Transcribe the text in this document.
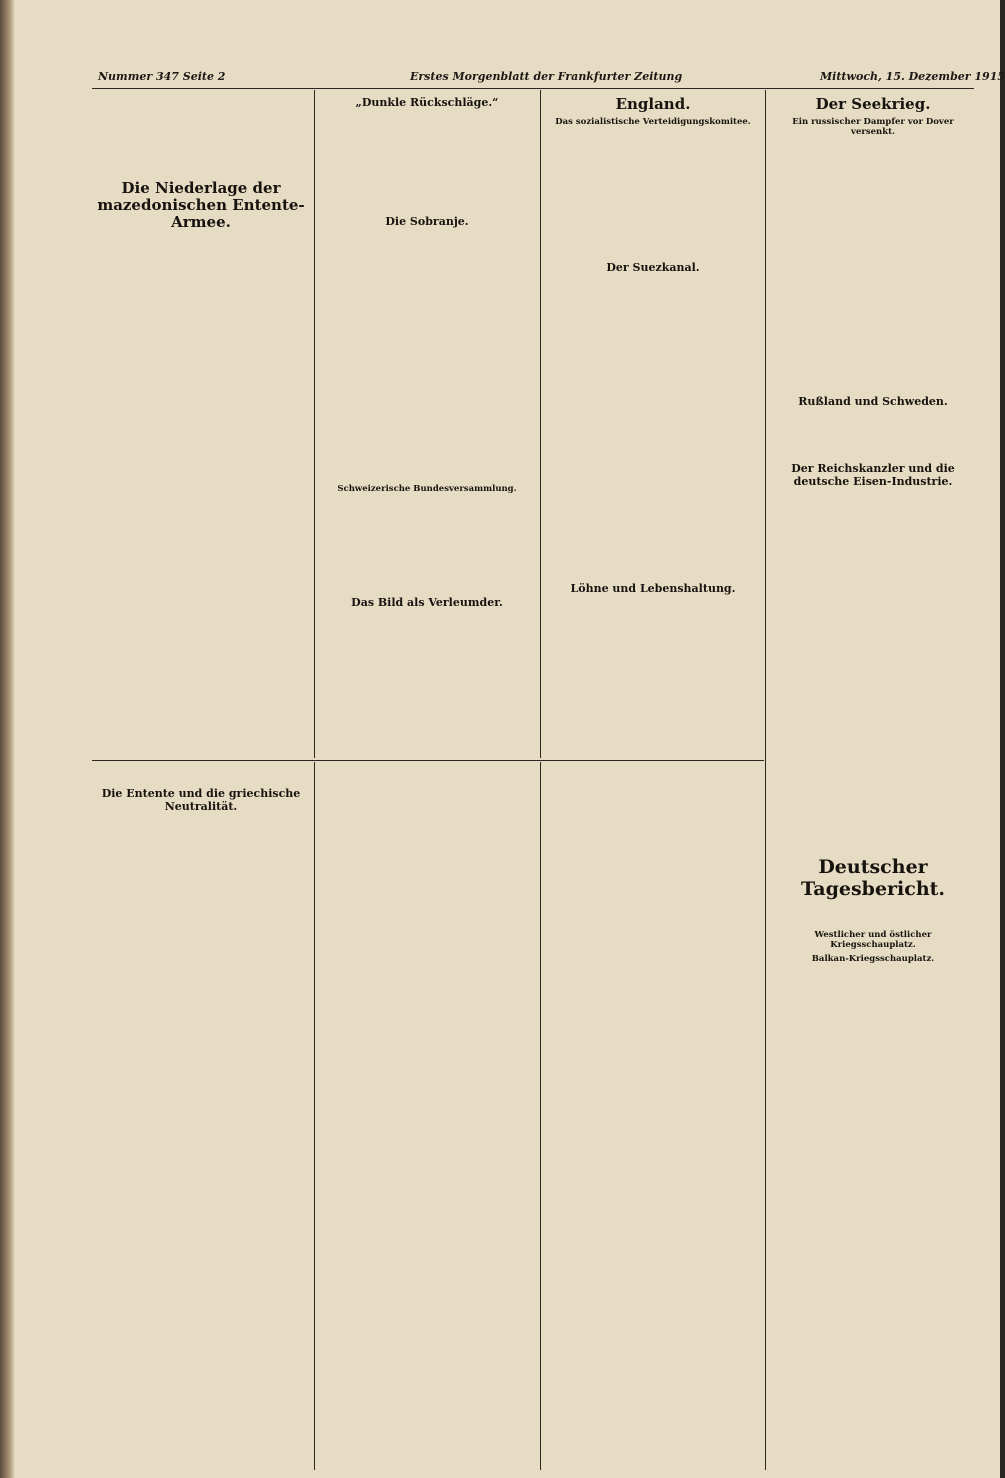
Nummer 347 Seite 2	Erstes Morgenblatt der Frankfurter Zeitung	Mittwoch, 15. Dezember 1915
Die Niederlage der mazedonischen Entente-Armee.
Die Entente und die griechische Neutralität.
„Dunkle Rückschläge.“
Die Sobranje.
Schweizerische Bundesversammlung.
Das Bild als Verleumder.
England.
Das sozialistische Verteidigungskomitee.
Der Suezkanal.
Löhne und Lebenshaltung.
Der Seekrieg.
Ein russischer Dampfer vor Dover versenkt.
Rußland und Schweden.
Der Reichskanzler und die deutsche Eisen-Industrie.
Deutscher Tagesbericht.
Westlicher und östlicher Kriegsschauplatz.
Balkan-Kriegsschauplatz.
